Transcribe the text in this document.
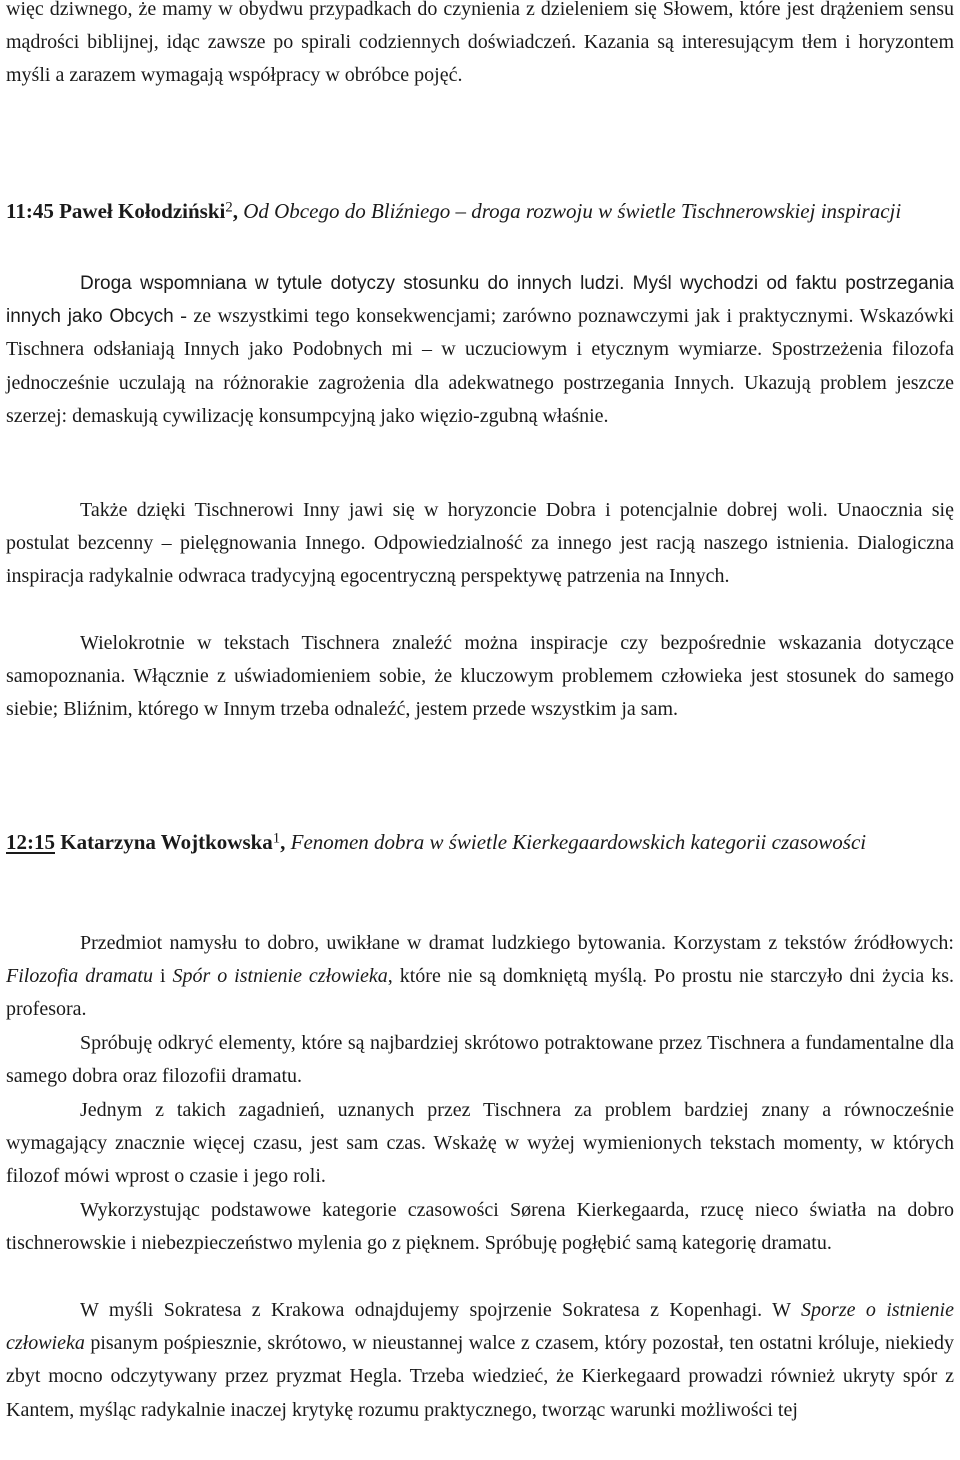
więc dziwnego, że mamy w obydwu przypadkach do czynienia z dzieleniem się Słowem, które jest drążeniem sensu mądrości biblijnej, idąc zawsze po spirali codziennych doświadczeń. Kazania są interesującym tłem i horyzontem myśli a zarazem wymagają współpracy w obróbce pojęć.

11:45 Paweł Kołodziński$^2$, Od Obcego do Bliźniego – droga rozwoju w świetle Tischnerowskiej inspiracji

Droga wspomniana w tytule dotyczy stosunku do innych ludzi. Myśl wychodzi od faktu postrzegania innych jako Obcych - ze wszystkimi tego konsekwencjami; zarówno poznawczymi jak i praktycznymi. Wskazówki Tischnera odsłaniają Innych jako Podobnych mi – w uczuciowym i etycznym wymiarze. Spostrzeżenia filozofa jednocześnie uczulają na różnorakie zagrożenia dla adekwatnego postrzegania Innych. Ukazują problem jeszcze szerzej: demaskują cywilizację konsumpcyjną jako więzio-zgubną właśnie.

Także dzięki Tischnerowi Inny jawi się w horyzoncie Dobra i potencjalnie dobrej woli. Unaocznia się postulat bezcenny – pielęgnowania Innego. Odpowiedzialność za innego jest racją naszego istnienia. Dialogiczna inspiracja radykalnie odwraca tradycyjną egocentryczną perspektywę patrzenia na Innych.

Wielokrotnie w tekstach Tischnera znaleźć można inspiracje czy bezpośrednie wskazania dotyczące samopoznania. Włącznie z uświadomieniem sobie, że kluczowym problemem człowieka jest stosunek do samego siebie; Bliźnim, którego w Innym trzeba odnaleźć, jestem przede wszystkim ja sam.

12:15 Katarzyna Wojtkowska$^1$, Fenomen dobra w świetle Kierkegaardowskich kategorii czasowości

Przedmiot namysłu to dobro, uwikłane w dramat ludzkiego bytowania. Korzystam z tekstów źródłowych: Filozofia dramatu i Spór o istnienie człowieka, które nie są domkniętą myślą. Po prostu nie starczyło dni życia ks. profesora.

Spróbuję odkryć elementy, które są najbardziej skrótowo potraktowane przez Tischnera a fundamentalne dla samego dobra oraz filozofii dramatu.

Jednym z takich zagadnień, uznanych przez Tischnera za problem bardziej znany a równocześnie wymagający znacznie więcej czasu, jest sam czas. Wskażę w wyżej wymienionych tekstach momenty, w których filozof mówi wprost o czasie i jego roli.

Wykorzystując podstawowe kategorie czasowości Sørena Kierkegaarda, rzucę nieco światła na dobro tischnerowskie i niebezpieczeństwo mylenia go z pięknem. Spróbuję pogłębić samą kategorię dramatu.

W myśli Sokratesa z Krakowa odnajdujemy spojrzenie Sokratesa z Kopenhagi. W Sporze o istnienie człowieka pisanym pośpiesznie, skrótowo, w nieustannej walce z czasem, który pozostał, ten ostatni króluje, niekiedy zbyt mocno odczytywany przez pryzmat Hegla. Trzeba wiedzieć, że Kierkegaard prowadzi również ukryty spór z Kantem, myśląc radykalnie inaczej krytykę rozumu praktycznego, tworząc warunki możliwości tej
